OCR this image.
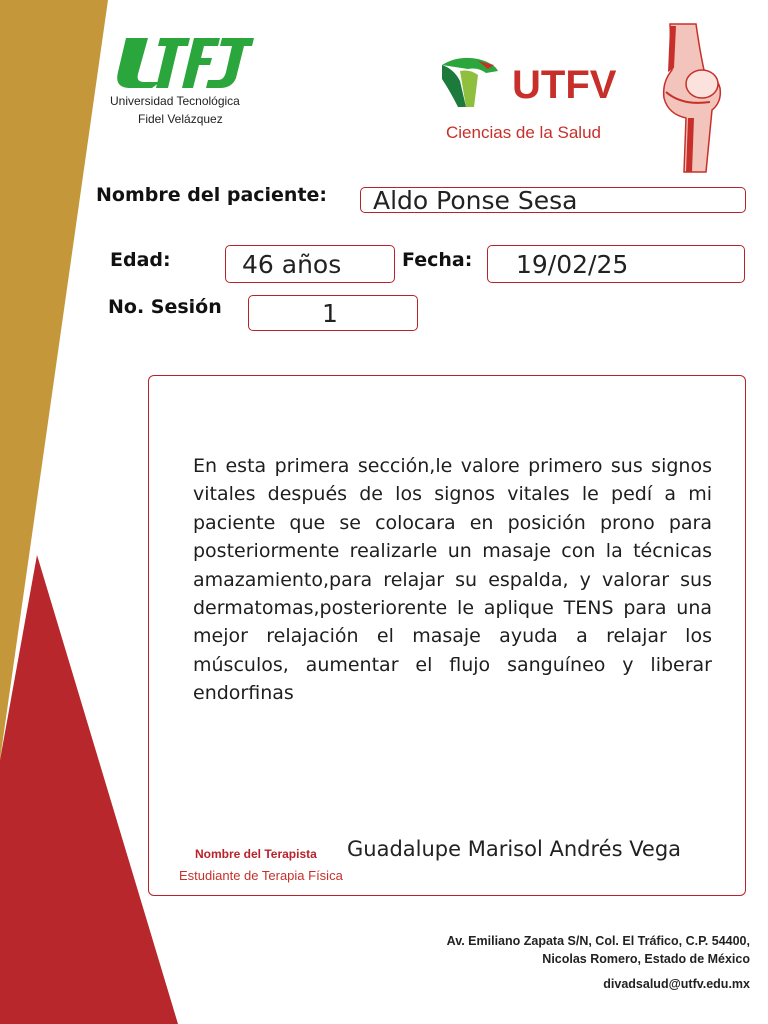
Universidad Tecnológica
Fidel Velázquez
UTFV
Ciencias de la Salud
Nombre del paciente: Aldo Ponse Sesa
Edad:	46 años	Fecha: 19/02/25
No. Sesión	1
En esta primera sección,le valore primero sus signos vitales después de los signos vitales le pedí a mi paciente que se colocara en posición prono para posteriormente realizarle un masaje con la técnicas amazamiento,para relajar su espalda, y valorar sus dermatomas,posteriorente le aplique TENS para una mejor relajación el masaje ayuda a relajar los músculos, aumentar el flujo sanguíneo y liberar endorfinas
Nombre del Terapista Guadalupe Marisol Andrés Vega
Estudiante de Terapia Física
Av. Emiliano Zapata S/N, Col. El Tráfico, C.P. 54400,
Nicolas Romero, Estado de México
divadsalud@utfv.edu.mx
